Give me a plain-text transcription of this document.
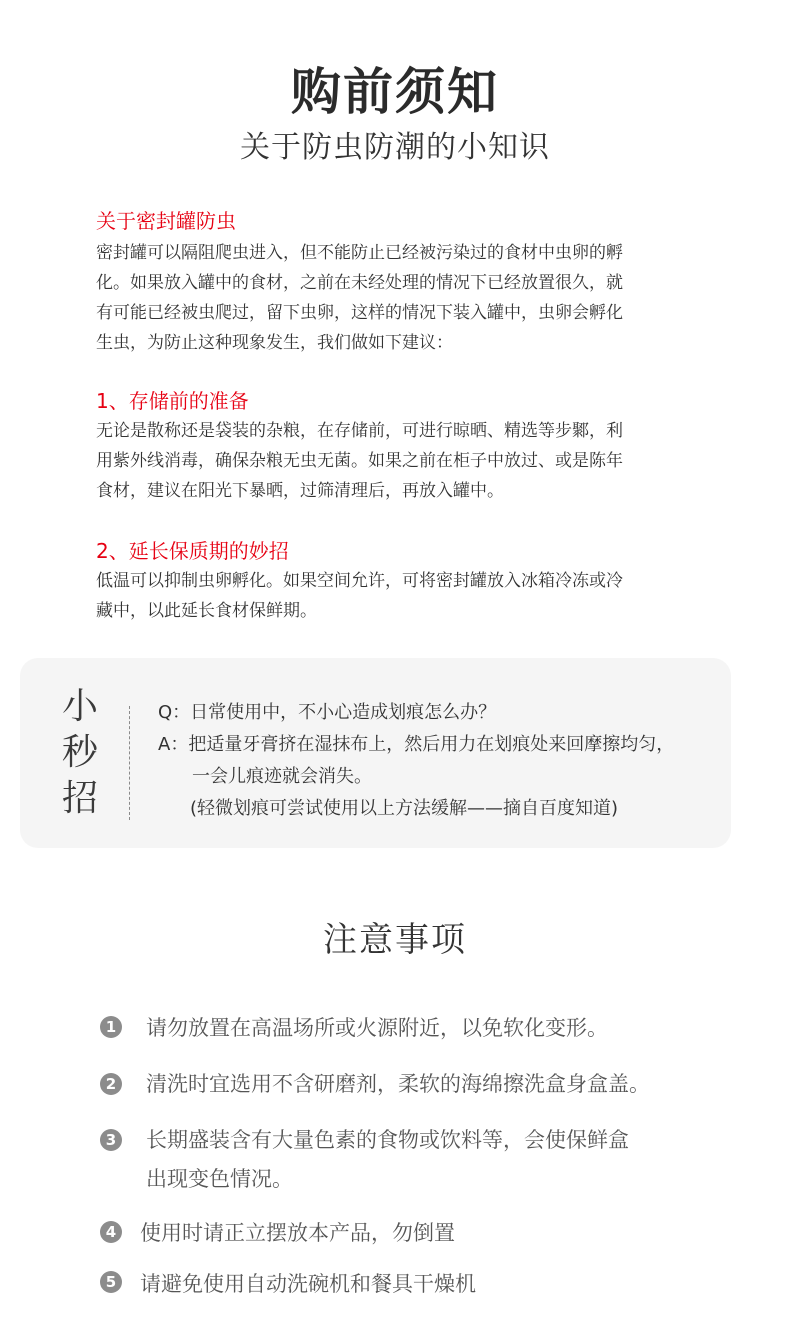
购前须知
关于防虫防潮的小知识
关于密封罐防虫
密封罐可以隔阻爬虫进入，但不能防止已经被污染过的食材中虫卵的孵
化。如果放入罐中的食材，之前在未经处理的情况下已经放置很久，就
有可能已经被虫爬过，留下虫卵，这样的情况下装入罐中，虫卵会孵化
生虫，为防止这种现象发生，我们做如下建议：
1、存储前的准备
无论是散称还是袋装的杂粮，在存储前，可进行晾晒、精选等步鄹，利
用紫外线消毒，确保杂粮无虫无菌。如果之前在柜子中放过、或是陈年
食材，建议在阳光下暴晒，过筛清理后，再放入罐中。
2、延长保质期的妙招
低温可以抑制虫卵孵化。如果空间允许，可将密封罐放入冰箱冷冻或冷
藏中，以此延长食材保鲜期。
小
秒
招
Q：日常使用中，不小心造成划痕怎么办？
A：把适量牙膏挤在湿抹布上，然后用力在划痕处来回摩擦均匀，
一会儿痕迹就会消失。
(轻微划痕可尝试使用以上方法缓解——摘自百度知道)
注意事项
1 请勿放置在高温场所或火源附近，以免软化变形。
2 清洗时宜选用不含研磨剂，柔软的海绵擦洗盒身盒盖。
3 长期盛装含有大量色素的食物或饮料等，会使保鲜盒
出现变色情况。
4 使用时请正立摆放本产品，勿倒置
5 请避免使用自动洗碗机和餐具干燥机
